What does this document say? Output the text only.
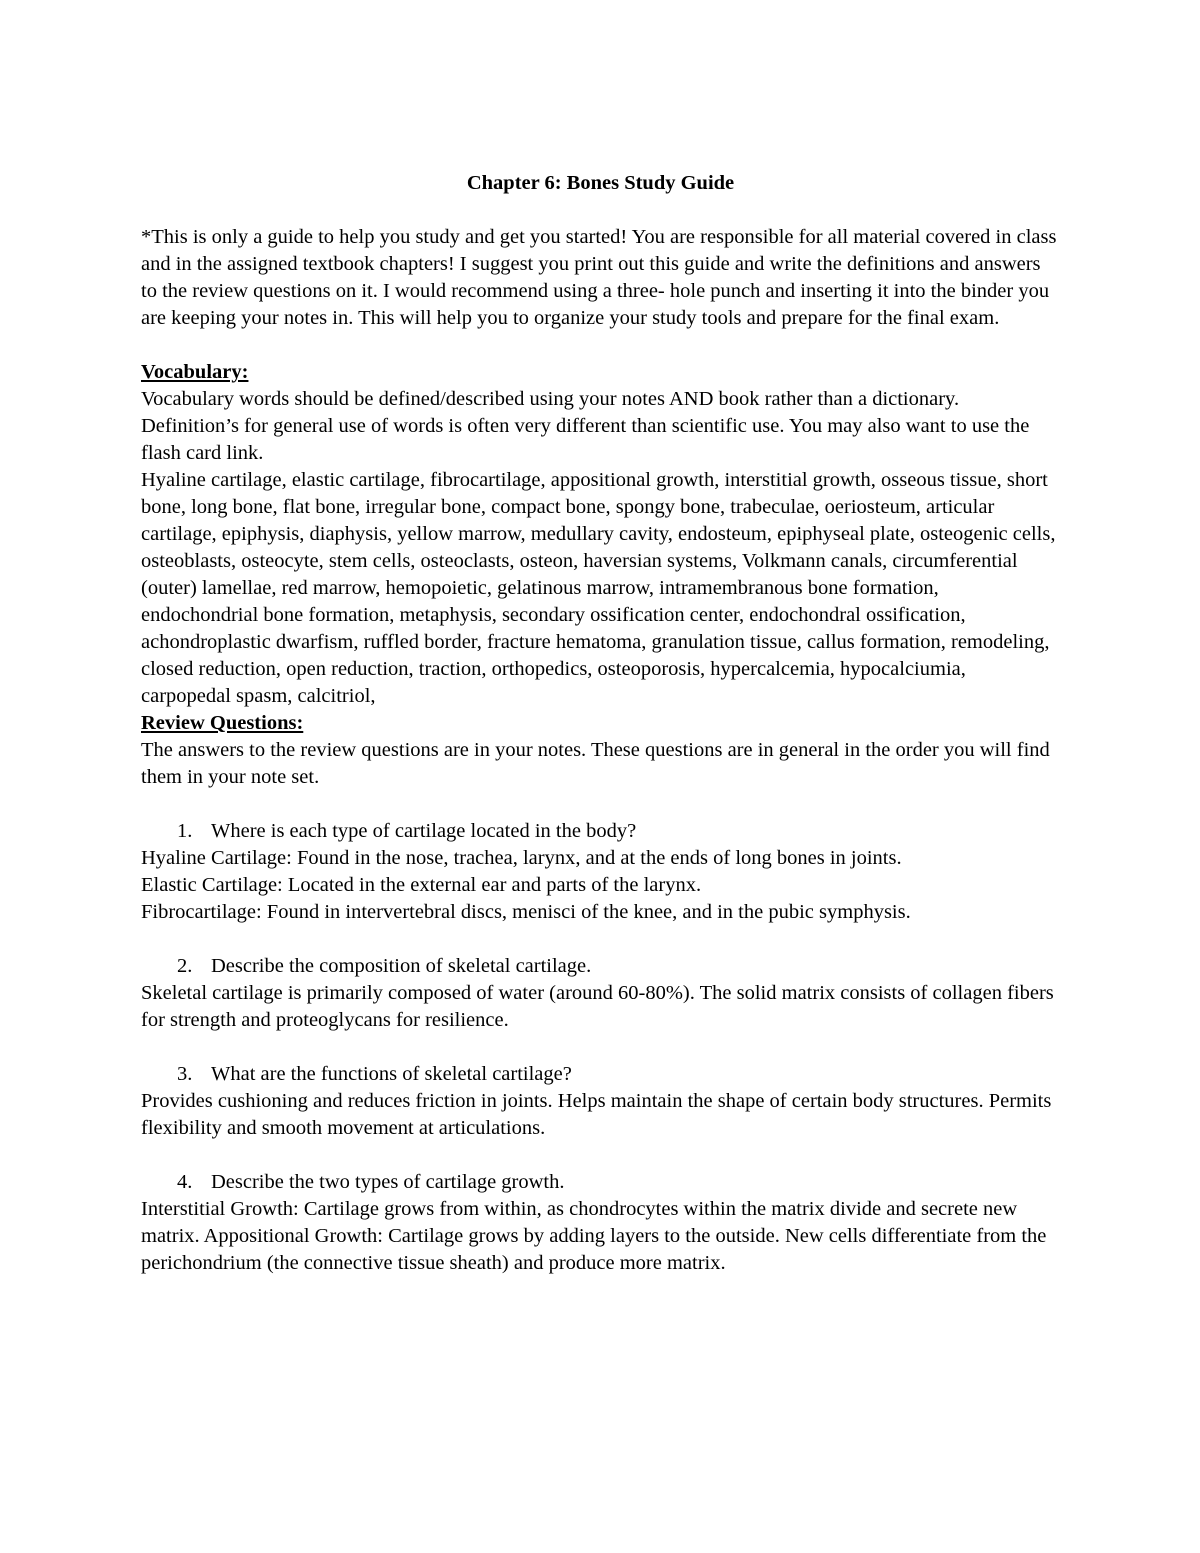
Chapter 6: Bones Study Guide

*This is only a guide to help you study and get you started! You are responsible for all material covered in class and in the assigned textbook chapters! I suggest you print out this guide and write the definitions and answers to the review questions on it. I would recommend using a three- hole punch and inserting it into the binder you are keeping your notes in. This will help you to organize your study tools and prepare for the final exam.

Vocabulary:

Vocabulary words should be defined/described using your notes AND book rather than a dictionary. Definition’s for general use of words is often very different than scientific use. You may also want to use the flash card link.

Hyaline cartilage, elastic cartilage, fibrocartilage, appositional growth, interstitial growth, osseous tissue, short bone, long bone, flat bone, irregular bone, compact bone, spongy bone, trabeculae, oeriosteum, articular cartilage, epiphysis, diaphysis, yellow marrow, medullary cavity, endosteum, epiphyseal plate, osteogenic cells, osteoblasts, osteocyte, stem cells, osteoclasts, osteon, haversian systems, Volkmann canals, circumferential (outer) lamellae, red marrow, hemopoietic, gelatinous marrow, intramembranous bone formation, endochondrial bone formation, metaphysis, secondary ossification center, endochondral ossification, achondroplastic dwarfism, ruffled border, fracture hematoma, granulation tissue, callus formation, remodeling, closed reduction, open reduction, traction, orthopedics, osteoporosis, hypercalcemia, hypocalciumia, carpopedal spasm, calcitriol,

Review Questions:

The answers to the review questions are in your notes. These questions are in general in the order you will find them in your note set.

1. Where is each type of cartilage located in the body?

Hyaline Cartilage: Found in the nose, trachea, larynx, and at the ends of long bones in joints.

Elastic Cartilage: Located in the external ear and parts of the larynx.

Fibrocartilage: Found in intervertebral discs, menisci of the knee, and in the pubic symphysis.

2. Describe the composition of skeletal cartilage.

Skeletal cartilage is primarily composed of water (around 60-80%). The solid matrix consists of collagen fibers for strength and proteoglycans for resilience.

3. What are the functions of skeletal cartilage?

Provides cushioning and reduces friction in joints. Helps maintain the shape of certain body structures. Permits flexibility and smooth movement at articulations.

4. Describe the two types of cartilage growth.

Interstitial Growth: Cartilage grows from within, as chondrocytes within the matrix divide and secrete new matrix. Appositional Growth: Cartilage grows by adding layers to the outside. New cells differentiate from the perichondrium (the connective tissue sheath) and produce more matrix.
